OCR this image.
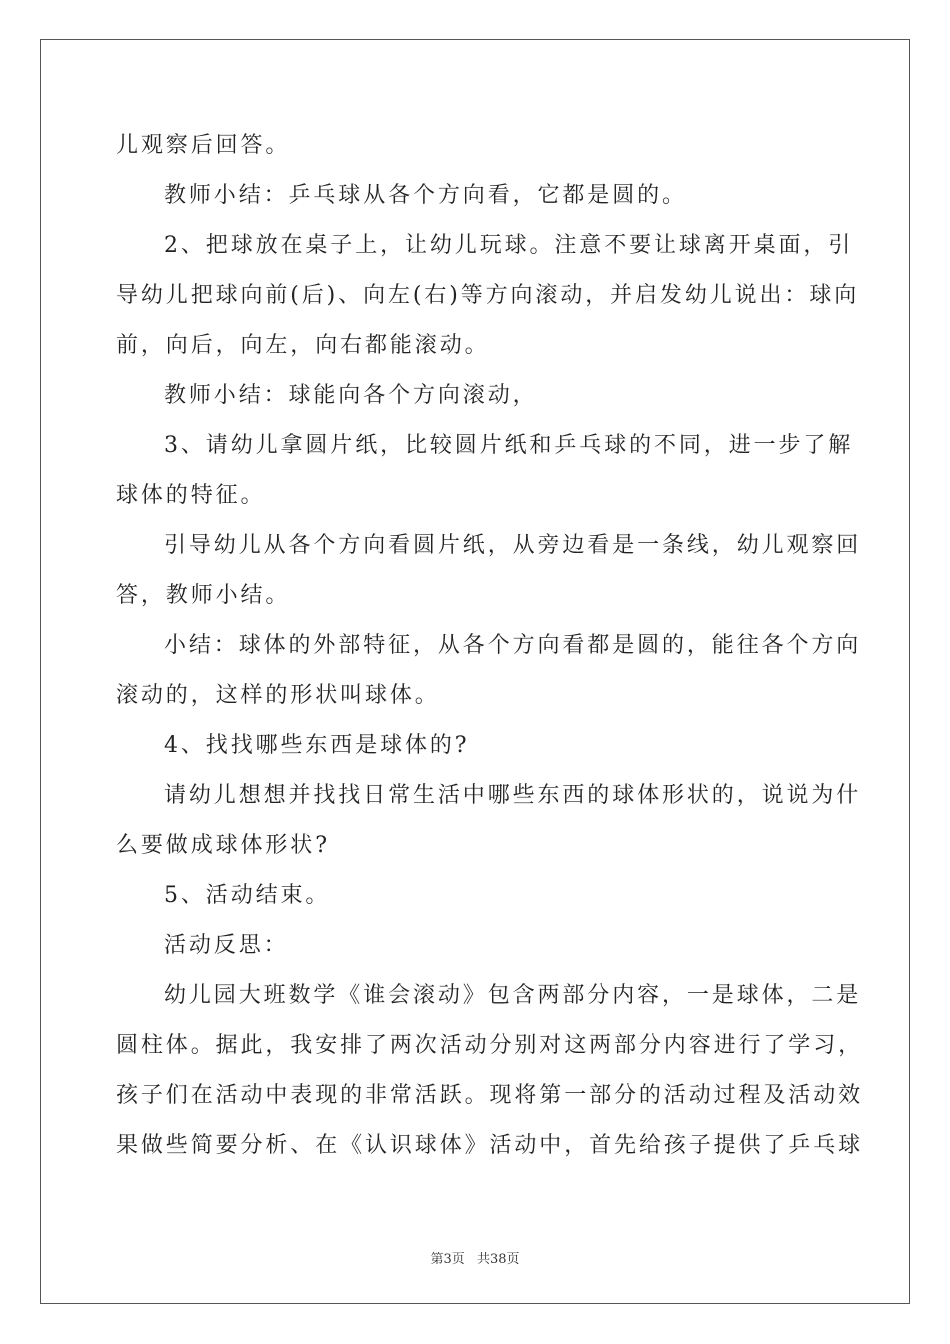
儿观察后回答。
教师小结：乒乓球从各个方向看，它都是圆的。
2、把球放在桌子上，让幼儿玩球。注意不要让球离开桌面，引
导幼儿把球向前(后)、向左(右)等方向滚动，并启发幼儿说出：球向
前，向后，向左，向右都能滚动。
教师小结：球能向各个方向滚动，
3、请幼儿拿圆片纸，比较圆片纸和乒乓球的不同，进一步了解
球体的特征。
引导幼儿从各个方向看圆片纸，从旁边看是一条线，幼儿观察回
答，教师小结。
小结：球体的外部特征，从各个方向看都是圆的，能往各个方向
滚动的，这样的形状叫球体。
4、找找哪些东西是球体的?
请幼儿想想并找找日常生活中哪些东西的球体形状的，说说为什
么要做成球体形状?
5、活动结束。
活动反思：
幼儿园大班数学《谁会滚动》包含两部分内容，一是球体，二是
圆柱体。据此，我安排了两次活动分别对这两部分内容进行了学习，
孩子们在活动中表现的非常活跃。现将第一部分的活动过程及活动效
果做些简要分析、在《认识球体》活动中，首先给孩子提供了乒乓球
第3页 共38页
